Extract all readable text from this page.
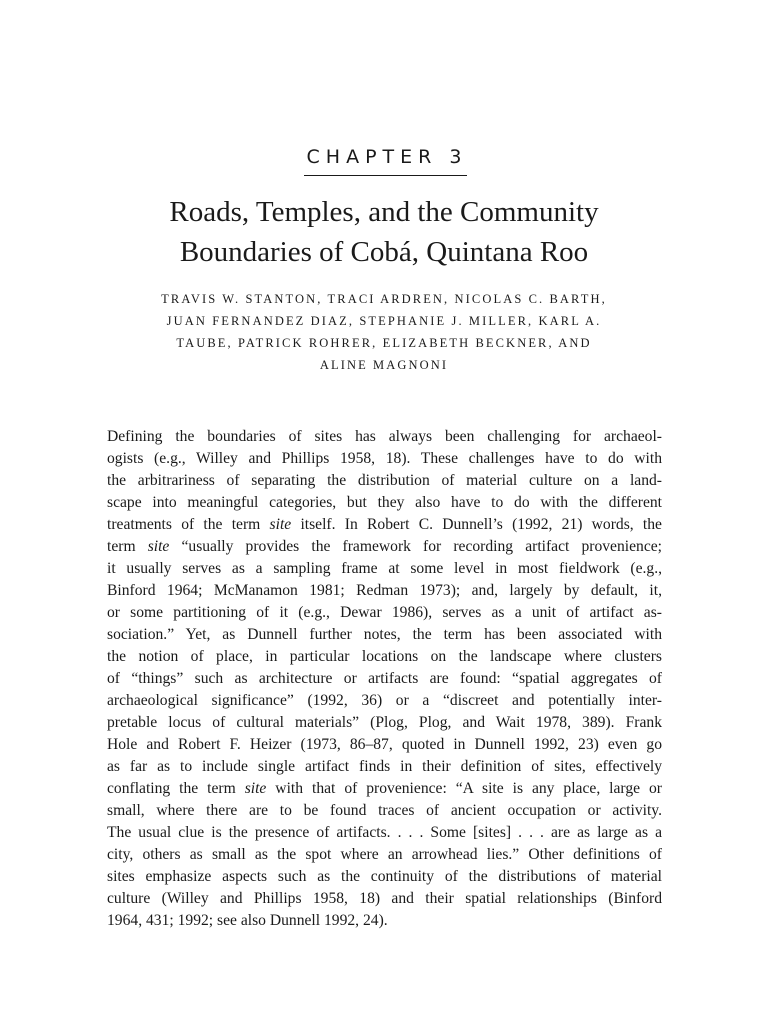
CHAPTER 3
Roads, Temples, and the Community
Boundaries of Cobá, Quintana Roo
TRAVIS W. STANTON, TRACI ARDREN, NICOLAS C. BARTH,
JUAN FERNANDEZ DIAZ, STEPHANIE J. MILLER, KARL A.
TAUBE, PATRICK ROHRER, ELIZABETH BECKNER, AND
ALINE MAGNONI
Defining the boundaries of sites has always been challenging for archaeol-
ogists (e.g., Willey and Phillips 1958, 18). These challenges have to do with
the arbitrariness of separating the distribution of material culture on a land-
scape into meaningful categories, but they also have to do with the different
treatments of the term site itself. In Robert C. Dunnell’s (1992, 21) words, the
term site “usually provides the framework for recording artifact provenience;
it usually serves as a sampling frame at some level in most fieldwork (e.g.,
Binford 1964; McManamon 1981; Redman 1973); and, largely by default, it,
or some partitioning of it (e.g., Dewar 1986), serves as a unit of artifact as-
sociation.” Yet, as Dunnell further notes, the term has been associated with
the notion of place, in particular locations on the landscape where clusters
of “things” such as architecture or artifacts are found: “spatial aggregates of
archaeological significance” (1992, 36) or a “discreet and potentially inter-
pretable locus of cultural materials” (Plog, Plog, and Wait 1978, 389). Frank
Hole and Robert F. Heizer (1973, 86–87, quoted in Dunnell 1992, 23) even go
as far as to include single artifact finds in their definition of sites, effectively
conflating the term site with that of provenience: “A site is any place, large or
small, where there are to be found traces of ancient occupation or activity.
The usual clue is the presence of artifacts. . . . Some [sites] . . . are as large as a
city, others as small as the spot where an arrowhead lies.” Other definitions of
sites emphasize aspects such as the continuity of the distributions of material
culture (Willey and Phillips 1958, 18) and their spatial relationships (Binford
1964, 431; 1992; see also Dunnell 1992, 24).
